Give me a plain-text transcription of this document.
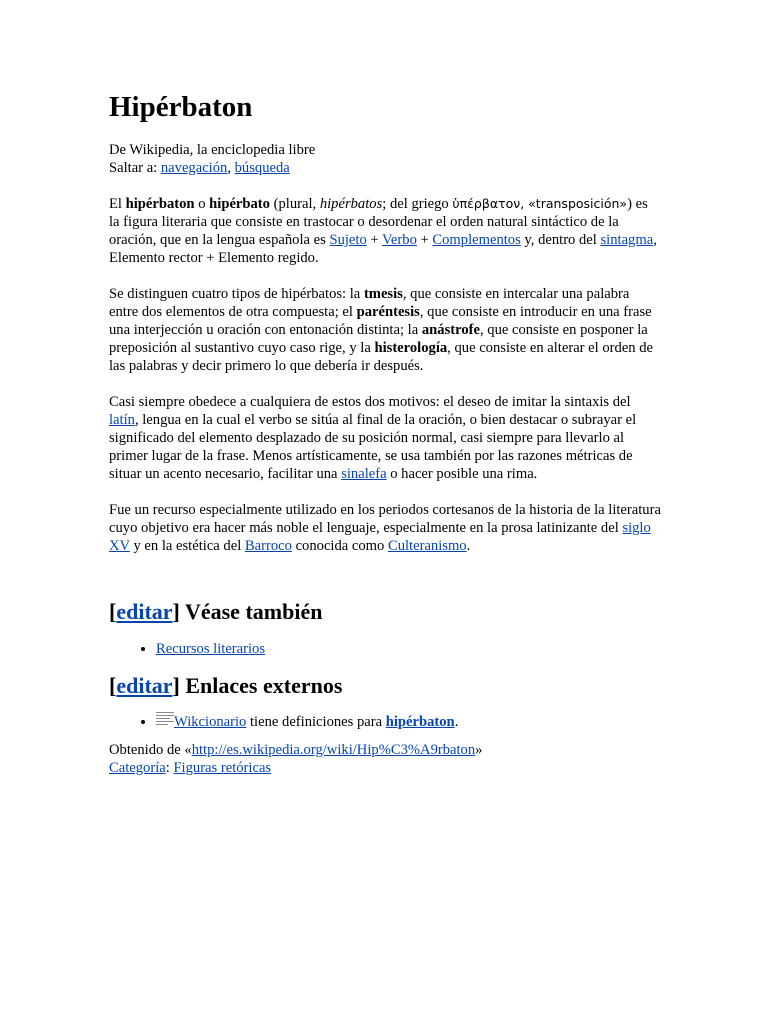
Hipérbaton
De Wikipedia, la enciclopedia libre
Saltar a: navegación, búsqueda

El hipérbaton o hipérbato (plural, hipérbatos; del griego ὑπέρβατον, «transposición») es la figura literaria que consiste en trastocar o desordenar el orden natural sintáctico de la oración, que en la lengua española es Sujeto + Verbo + Complementos y, dentro del sintagma, Elemento rector + Elemento regido.

Se distinguen cuatro tipos de hipérbatos: la tmesis, que consiste en intercalar una palabra entre dos elementos de otra compuesta; el paréntesis, que consiste en introducir en una frase una interjección u oración con entonación distinta; la anástrofe, que consiste en posponer la preposición al sustantivo cuyo caso rige, y la histerología, que consiste en alterar el orden de las palabras y decir primero lo que debería ir después.

Casi siempre obedece a cualquiera de estos dos motivos: el deseo de imitar la sintaxis del latín, lengua en la cual el verbo se sitúa al final de la oración, o bien destacar o subrayar el significado del elemento desplazado de su posición normal, casi siempre para llevarlo al primer lugar de la frase. Menos artísticamente, se usa también por las razones métricas de situar un acento necesario, facilitar una sinalefa o hacer posible una rima.

Fue un recurso especialmente utilizado en los periodos cortesanos de la historia de la literatura cuyo objetivo era hacer más noble el lenguaje, especialmente en la prosa latinizante del siglo XV y en la estética del Barroco conocida como Culteranismo.

[editar] Véase también
• Recursos literarios
[editar] Enlaces externos
• Wikcionario tiene definiciones para hipérbaton.
Obtenido de «http://es.wikipedia.org/wiki/Hip%C3%A9rbaton»
Categoría: Figuras retóricas
